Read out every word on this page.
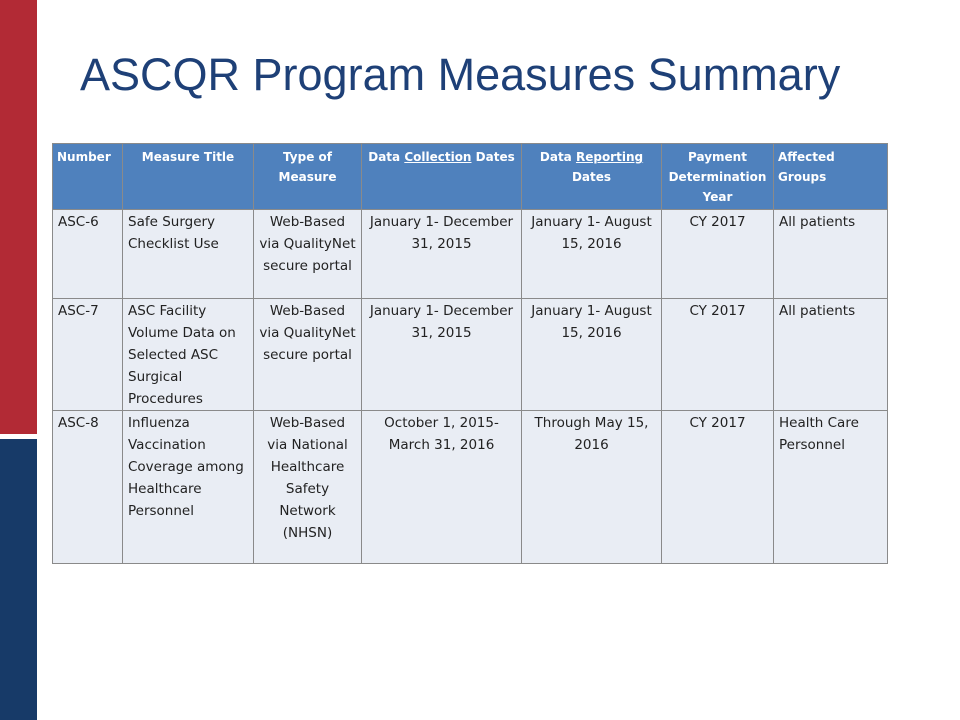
ASCQR Program Measures Summary
Number	Measure Title	Type of Measure	Data Collection Dates	Data Reporting Dates	Payment Determination Year	Affected Groups
ASC-6	Safe Surgery Checklist Use	Web-Based via QualityNet secure portal	January 1- December 31, 2015	January 1- August 15, 2016	CY 2017	All patients
ASC-7	ASC Facility Volume Data on Selected ASC Surgical Procedures	Web-Based via QualityNet secure portal	January 1- December 31, 2015	January 1- August 15, 2016	CY 2017	All patients
ASC-8	Influenza Vaccination Coverage among Healthcare Personnel	Web-Based via National Healthcare Safety Network (NHSN)	October 1, 2015- March 31, 2016	Through May 15, 2016	CY 2017	Health Care Personnel
